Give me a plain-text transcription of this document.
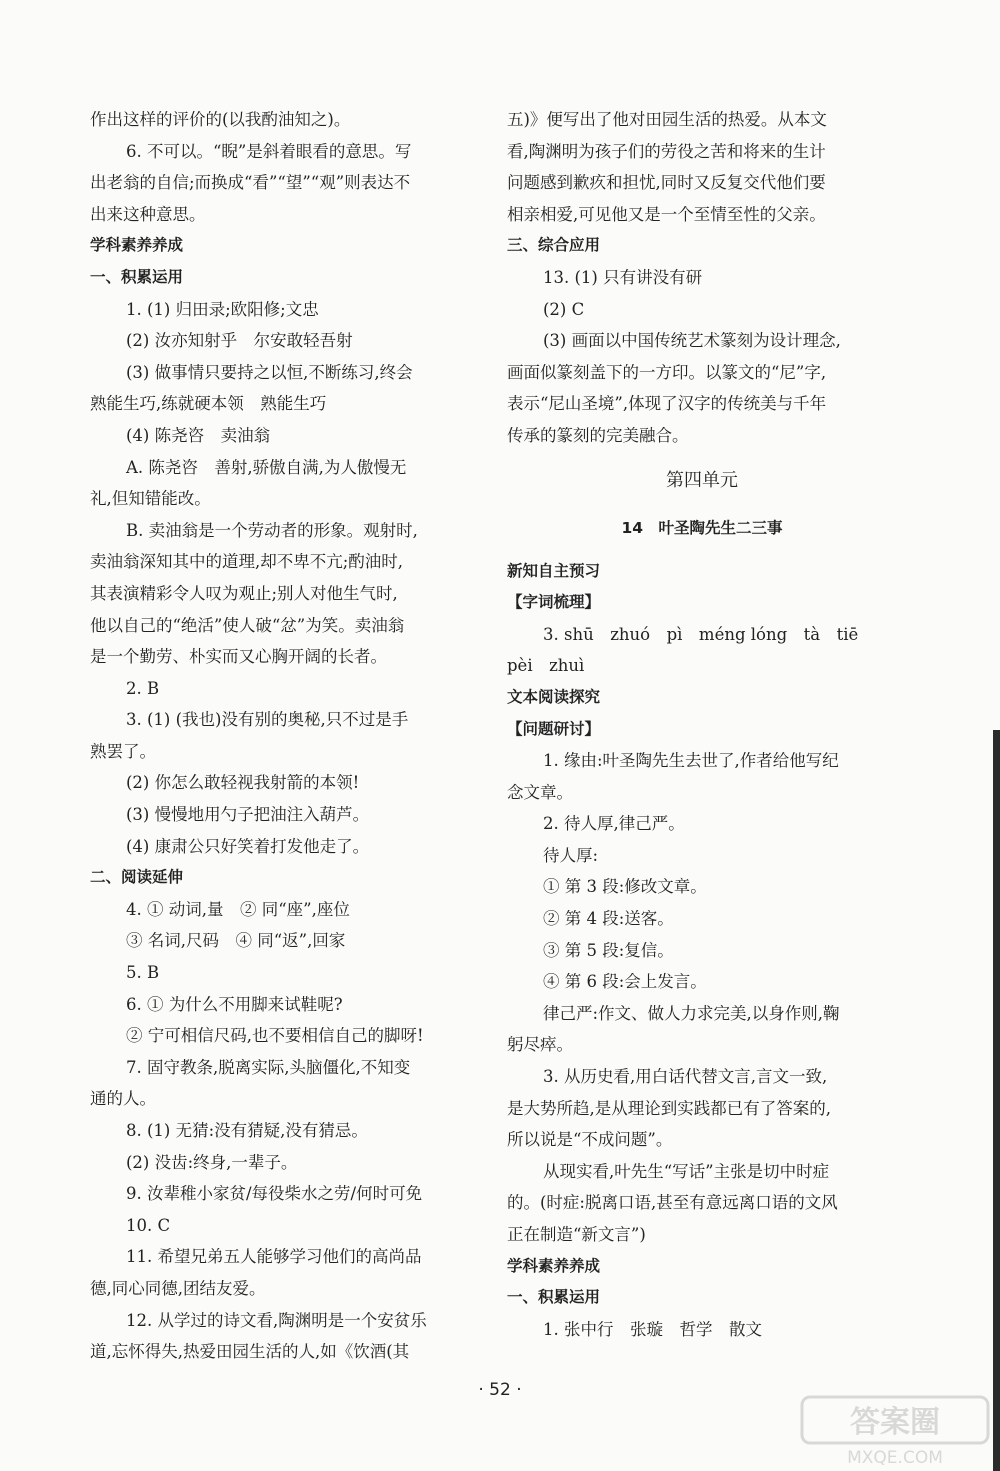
作出这样的评价的(以我酌油知之)。
6. 不可以。“睨”是斜着眼看的意思。写
出老翁的自信;而换成“看”“望”“观”则表达不
出来这种意思。
学科素养养成
一、积累运用
1. (1) 归田录;欧阳修;文忠
(2) 汝亦知射乎　尔安敢轻吾射
(3) 做事情只要持之以恒,不断练习,终会
熟能生巧,练就硬本领　熟能生巧
(4) 陈尧咨　卖油翁
A. 陈尧咨　善射,骄傲自满,为人傲慢无
礼,但知错能改。
B. 卖油翁是一个劳动者的形象。观射时,
卖油翁深知其中的道理,却不卑不亢;酌油时,
其表演精彩令人叹为观止;别人对他生气时,
他以自己的“绝活”使人破“忿”为笑。卖油翁
是一个勤劳、朴实而又心胸开阔的长者。
2. B
3. (1) (我也)没有别的奥秘,只不过是手
熟罢了。
(2) 你怎么敢轻视我射箭的本领!
(3) 慢慢地用勺子把油注入葫芦。
(4) 康肃公只好笑着打发他走了。
二、阅读延伸
4. ① 动词,量　② 同“座”,座位
③ 名词,尺码　④ 同“返”,回家
5. B
6. ① 为什么不用脚来试鞋呢?
② 宁可相信尺码,也不要相信自己的脚呀!
7. 固守教条,脱离实际,头脑僵化,不知变
通的人。
8. (1) 无猜:没有猜疑,没有猜忌。
(2) 没齿:终身,一辈子。
9. 汝辈稚小家贫/每役柴水之劳/何时可免
10. C
11. 希望兄弟五人能够学习他们的高尚品
德,同心同德,团结友爱。
12. 从学过的诗文看,陶渊明是一个安贫乐
道,忘怀得失,热爱田园生活的人,如《饮酒(其
五)》便写出了他对田园生活的热爱。从本文
看,陶渊明为孩子们的劳役之苦和将来的生计
问题感到歉疚和担忧,同时又反复交代他们要
相亲相爱,可见他又是一个至情至性的父亲。
三、综合应用
13. (1) 只有讲没有研
(2) C
(3) 画面以中国传统艺术篆刻为设计理念,
画面似篆刻盖下的一方印。以篆文的“尼”字,
表示“尼山圣境”,体现了汉字的传统美与千年
传承的篆刻的完美融合。
第四单元
14　叶圣陶先生二三事
新知自主预习
【字词梳理】
3. shū　zhuó　pì　méng lóng　tà　tiē
pèi　zhuì
文本阅读探究
【问题研讨】
1. 缘由:叶圣陶先生去世了,作者给他写纪
念文章。
2. 待人厚,律己严。
待人厚:
① 第 3 段:修改文章。
② 第 4 段:送客。
③ 第 5 段:复信。
④ 第 6 段:会上发言。
律己严:作文、做人力求完美,以身作则,鞠
躬尽瘁。
3. 从历史看,用白话代替文言,言文一致,
是大势所趋,是从理论到实践都已有了答案的,
所以说是“不成问题”。
从现实看,叶先生“写话”主张是切中时症
的。(时症:脱离口语,甚至有意远离口语的文风
正在制造“新文言”)
学科素养养成
一、积累运用
1. 张中行　张璇　哲学　散文
· 52 ·
答案圈
MXQE.COM
